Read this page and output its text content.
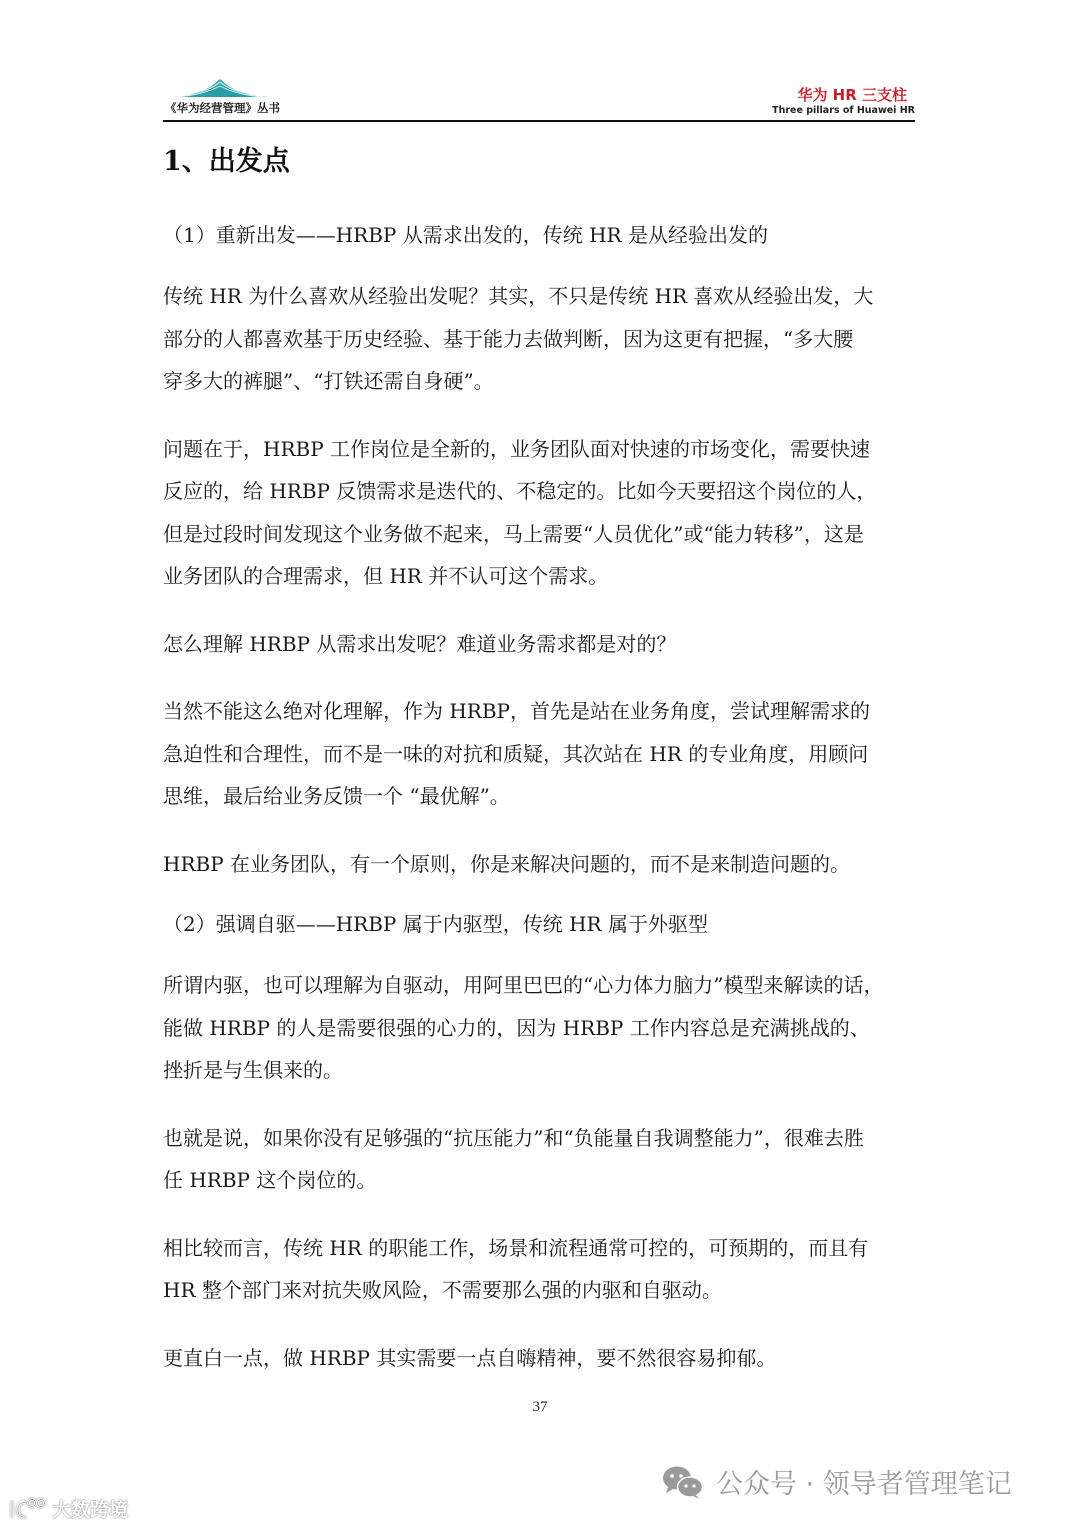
《华为经营管理》丛书
华为 HR 三支柱
Three pillars of Huawei HR
1、出发点

（1）重新出发——HRBP 从需求出发的，传统 HR 是从经验出发的

传统 HR 为什么喜欢从经验出发呢？其实，不只是传统 HR 喜欢从经验出发，大
部分的人都喜欢基于历史经验、基于能力去做判断，因为这更有把握，“多大腰
穿多大的裤腿”、“打铁还需自身硬”。
问题在于，HRBP 工作岗位是全新的，业务团队面对快速的市场变化，需要快速
反应的，给 HRBP 反馈需求是迭代的、不稳定的。比如今天要招这个岗位的人，
但是过段时间发现这个业务做不起来，马上需要“人员优化”或“能力转移”，这是
业务团队的合理需求，但 HR 并不认可这个需求。
怎么理解 HRBP 从需求出发呢？难道业务需求都是对的？
当然不能这么绝对化理解，作为 HRBP，首先是站在业务角度，尝试理解需求的
急迫性和合理性，而不是一味的对抗和质疑，其次站在 HR 的专业角度，用顾问
思维，最后给业务反馈一个 “最优解”。
HRBP 在业务团队，有一个原则，你是来解决问题的，而不是来制造问题的。

（2）强调自驱——HRBP 属于内驱型，传统 HR 属于外驱型

所谓内驱，也可以理解为自驱动，用阿里巴巴的“心力体力脑力”模型来解读的话，
能做 HRBP 的人是需要很强的心力的，因为 HRBP 工作内容总是充满挑战的、
挫折是与生俱来的。
也就是说，如果你没有足够强的“抗压能力”和“负能量自我调整能力”，很难去胜
任 HRBP 这个岗位的。
相比较而言，传统 HR 的职能工作，场景和流程通常可控的，可预期的，而且有
HR 整个部门来对抗失败风险，不需要那么强的内驱和自驱动。
更直白一点，做 HRBP 其实需要一点自嗨精神，要不然很容易抑郁。
37
大数跨境
公众号 · 领导者管理笔记
